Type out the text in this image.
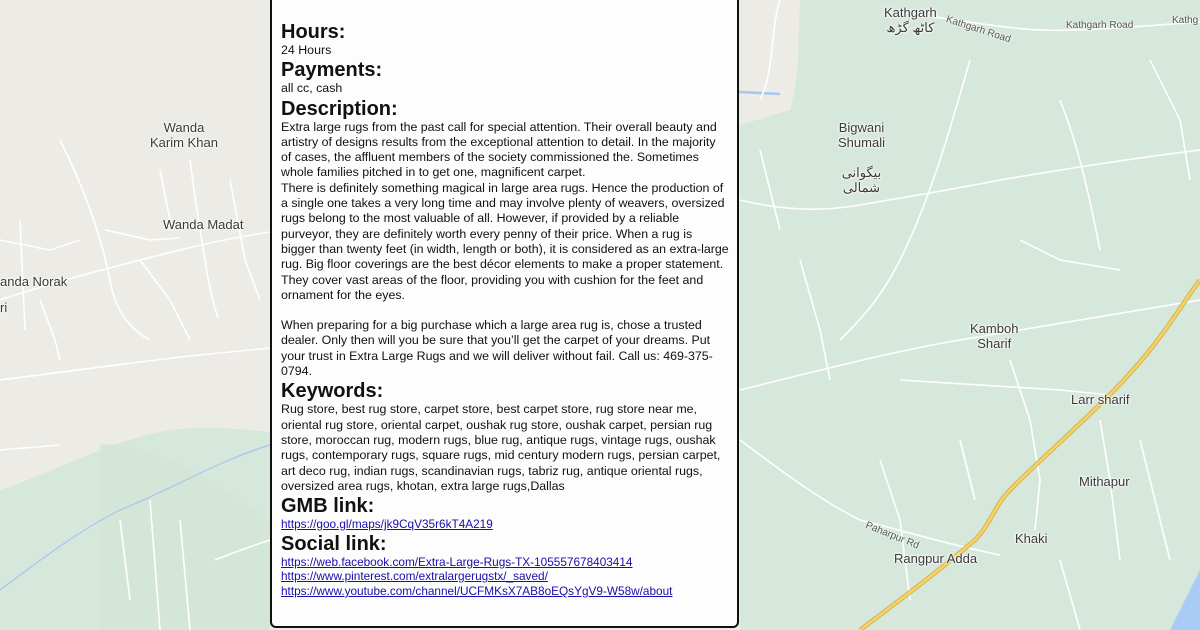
Kathgarh
کاٹھ گڑھ

Bigwani
Shumali

بیگوانی
شمالی

Wanda
Karim Khan
Wanda Madat
anda Norak
ri
Kamboh
Sharif
Larr sharif
Mithapur
Khaki
Rangpur Adda
Kathgarh Road	Kathgarh Road	Kathg
Paharpur Rd
Hours:

24 Hours

Payments:

all cc, cash

Description:

Extra large rugs from the past call for special attention. Their overall beauty and artistry of designs results from the exceptional attention to detail. In the majority of cases, the affluent members of the society commissioned the. Sometimes whole families pitched in to get one, magnificent carpet.

There is definitely something magical in large area rugs. Hence the production of a single one takes a very long time and may involve plenty of weavers, oversized rugs belong to the most valuable of all. However, if provided by a reliable purveyor, they are definitely worth every penny of their price. When a rug is bigger than twenty feet (in width, length or both), it is considered as an extra-large rug. Big floor coverings are the best décor elements to make a proper statement. They cover vast areas of the floor, providing you with cushion for the feet and ornament for the eyes.

When preparing for a big purchase which a large area rug is, chose a trusted dealer. Only then will you be sure that you’ll get the carpet of your dreams. Put your trust in Extra Large Rugs and we will deliver without fail. Call us: 469-375-0794.

Keywords:

Rug store, best rug store, carpet store, best carpet store, rug store near me, oriental rug store, oriental carpet, oushak rug store, oushak carpet, persian rug store, moroccan rug, modern rugs, blue rug, antique rugs, vintage rugs, oushak rugs, contemporary rugs, square rugs, mid century modern rugs, persian carpet, art deco rug, indian rugs, scandinavian rugs, tabriz rug, antique oriental rugs, oversized area rugs, khotan, extra large rugs,Dallas

GMB link:
https://goo.gl/maps/jk9CqV35r6kT4A219
Social link:
https://web.facebook.com/Extra-Large-Rugs-TX-105557678403414
https://www.pinterest.com/extralargerugstx/_saved/
https://www.youtube.com/channel/UCFMKsX7AB8oEQsYgV9-W58w/about
